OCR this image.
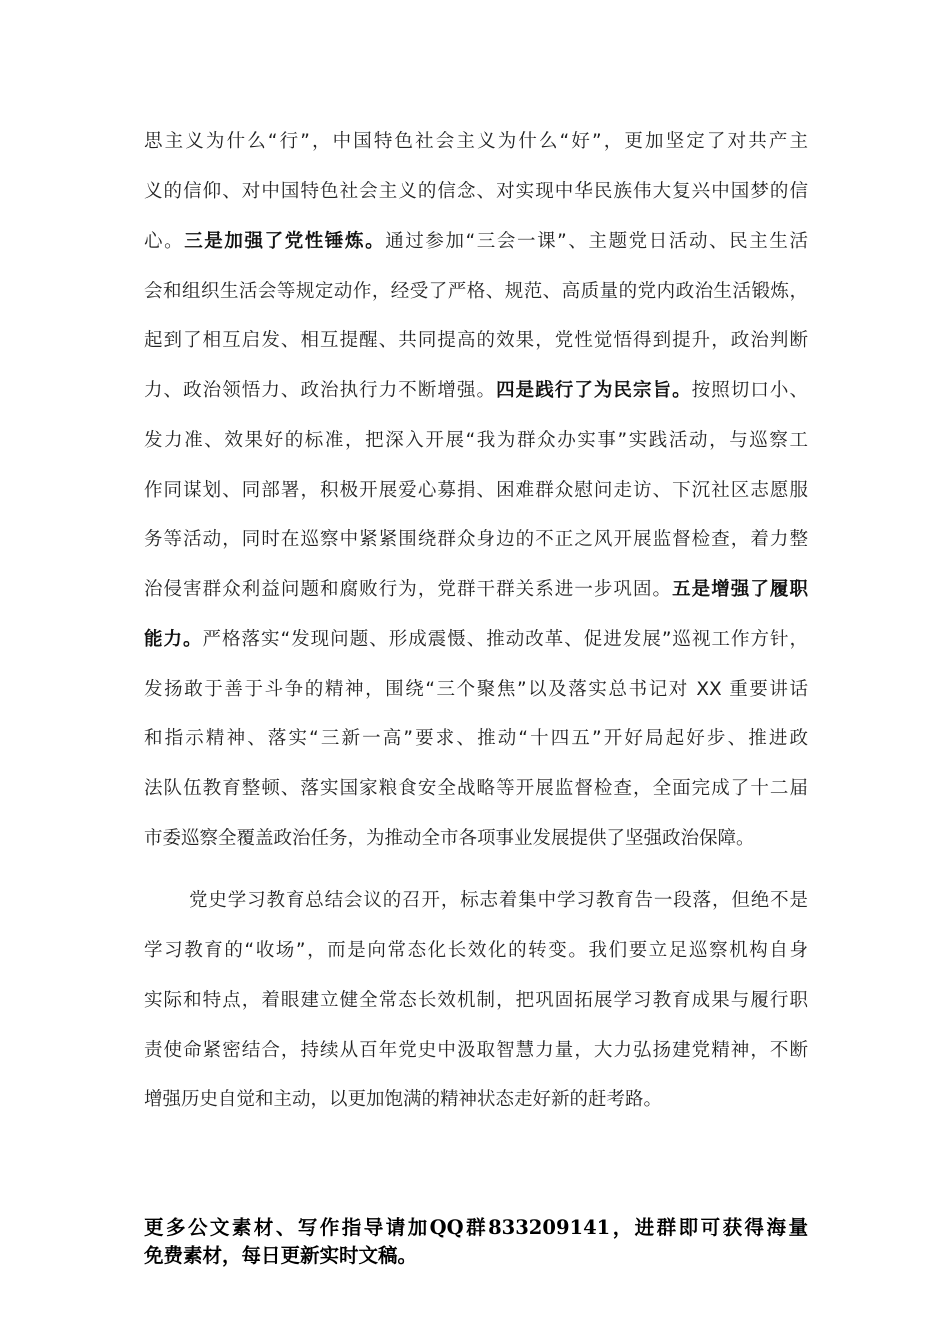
思主义为什么“行”，中国特色社会主义为什么“好”，更加坚定了对共产主
义的信仰、对中国特色社会主义的信念、对实现中华民族伟大复兴中国梦的信
心。三是加强了党性锤炼。通过参加“三会一课”、主题党日活动、民主生活
会和组织生活会等规定动作，经受了严格、规范、高质量的党内政治生活锻炼，
起到了相互启发、相互提醒、共同提高的效果，党性觉悟得到提升，政治判断
力、政治领悟力、政治执行力不断增强。四是践行了为民宗旨。按照切口小、
发力准、效果好的标准，把深入开展“我为群众办实事”实践活动，与巡察工
作同谋划、同部署，积极开展爱心募捐、困难群众慰问走访、下沉社区志愿服
务等活动，同时在巡察中紧紧围绕群众身边的不正之风开展监督检查，着力整
治侵害群众利益问题和腐败行为，党群干群关系进一步巩固。五是增强了履职
能力。严格落实“发现问题、形成震慑、推动改革、促进发展”巡视工作方针，
发扬敢于善于斗争的精神，围绕“三个聚焦”以及落实总书记对 XX 重要讲话
和指示精神、落实“三新一高”要求、推动“十四五”开好局起好步、推进政
法队伍教育整顿、落实国家粮食安全战略等开展监督检查，全面完成了十二届
市委巡察全覆盖政治任务，为推动全市各项事业发展提供了坚强政治保障。
党史学习教育总结会议的召开，标志着集中学习教育告一段落，但绝不是
学习教育的“收场”，而是向常态化长效化的转变。我们要立足巡察机构自身
实际和特点，着眼建立健全常态长效机制，把巩固拓展学习教育成果与履行职
责使命紧密结合，持续从百年党史中汲取智慧力量，大力弘扬建党精神，不断
增强历史自觉和主动，以更加饱满的精神状态走好新的赶考路。
更多公文素材、写作指导请加QQ群833209141，进群即可获得海量
免费素材，每日更新实时文稿。
